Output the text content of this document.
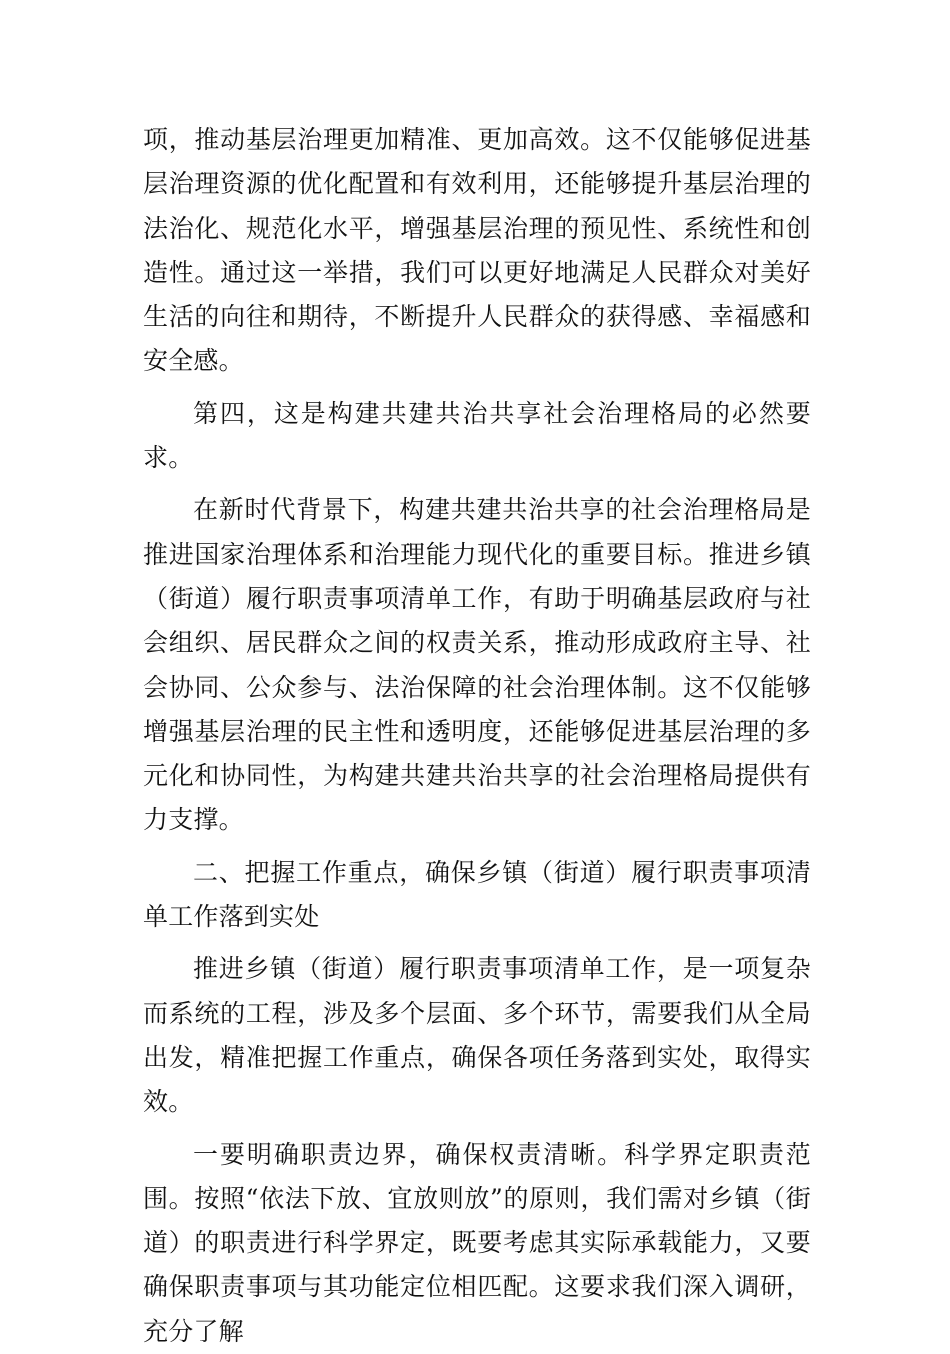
项，推动基层治理更加精准、更加高效。这不仅能够促进基层治理资源的优化配置和有效利用，还能够提升基层治理的法治化、规范化水平，增强基层治理的预见性、系统性和创造性。通过这一举措，我们可以更好地满足人民群众对美好生活的向往和期待，不断提升人民群众的获得感、幸福感和安全感。

第四，这是构建共建共治共享社会治理格局的必然要求。

在新时代背景下，构建共建共治共享的社会治理格局是推进国家治理体系和治理能力现代化的重要目标。推进乡镇（街道）履行职责事项清单工作，有助于明确基层政府与社会组织、居民群众之间的权责关系，推动形成政府主导、社会协同、公众参与、法治保障的社会治理体制。这不仅能够增强基层治理的民主性和透明度，还能够促进基层治理的多元化和协同性，为构建共建共治共享的社会治理格局提供有力支撑。

二、把握工作重点，确保乡镇（街道）履行职责事项清单工作落到实处

推进乡镇（街道）履行职责事项清单工作，是一项复杂而系统的工程，涉及多个层面、多个环节，需要我们从全局出发，精准把握工作重点，确保各项任务落到实处，取得实效。

一要明确职责边界，确保权责清晰。科学界定职责范围。按照“依法下放、宜放则放”的原则，我们需对乡镇（街道）的职责进行科学界定，既要考虑其实际承载能力，又要确保职责事项与其功能定位相匹配。这要求我们深入调研，充分了解
